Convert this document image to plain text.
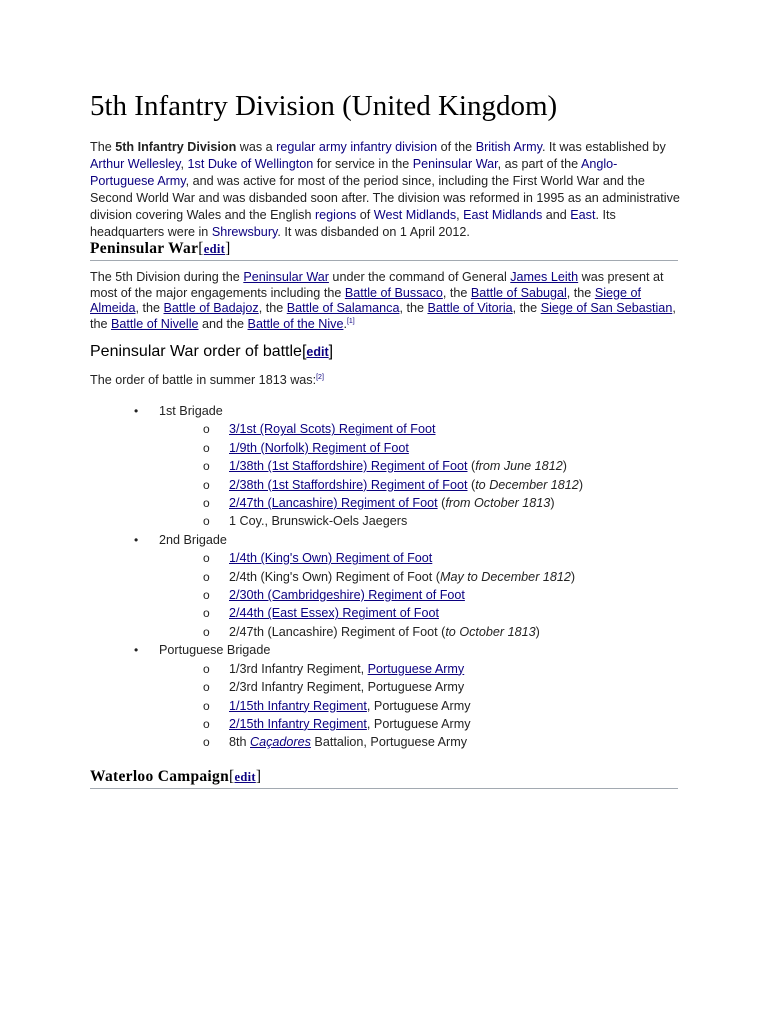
5th Infantry Division (United Kingdom)

The 5th Infantry Division was a regular army infantry division of the British Army. It was established by Arthur Wellesley, 1st Duke of Wellington for service in the Peninsular War, as part of the Anglo-Portuguese Army, and was active for most of the period since, including the First World War and the Second World War and was disbanded soon after. The division was reformed in 1995 as an administrative division covering Wales and the English regions of West Midlands, East Midlands and East. Its headquarters were in Shrewsbury. It was disbanded on 1 April 2012.

Peninsular War[edit]

The 5th Division during the Peninsular War under the command of General James Leith was present at most of the major engagements including the Battle of Bussaco, the Battle of Sabugal, the Siege of Almeida, the Battle of Badajoz, the Battle of Salamanca, the Battle of Vitoria, the Siege of San Sebastian, the Battle of Nivelle and the Battle of the Nive.[1]

Peninsular War order of battle[edit]

The order of battle in summer 1813 was:[2]

• 1st Brigade
o 3/1st (Royal Scots) Regiment of Foot
o 1/9th (Norfolk) Regiment of Foot
o 1/38th (1st Staffordshire) Regiment of Foot (from June 1812)
o 2/38th (1st Staffordshire) Regiment of Foot (to December 1812)
o 2/47th (Lancashire) Regiment of Foot (from October 1813)
o 1 Coy., Brunswick-Oels Jaegers
• 2nd Brigade
o 1/4th (King's Own) Regiment of Foot
o 2/4th (King's Own) Regiment of Foot (May to December 1812)
o 2/30th (Cambridgeshire) Regiment of Foot
o 2/44th (East Essex) Regiment of Foot
o 2/47th (Lancashire) Regiment of Foot (to October 1813)
• Portuguese Brigade
o 1/3rd Infantry Regiment, Portuguese Army
o 2/3rd Infantry Regiment, Portuguese Army
o 1/15th Infantry Regiment, Portuguese Army
o 2/15th Infantry Regiment, Portuguese Army
o 8th Caçadores Battalion, Portuguese Army
Waterloo Campaign[edit]
